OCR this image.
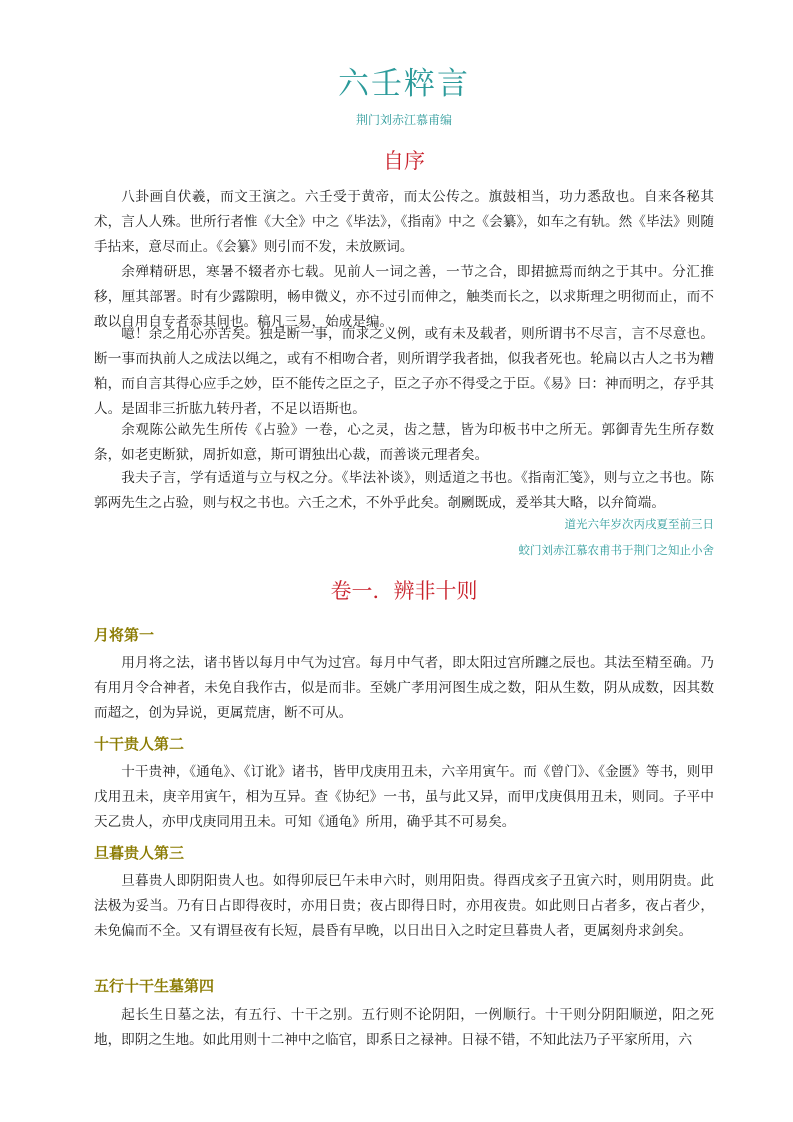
六壬粹言
荆门刘赤江慕甫编
自序

八卦画自伏羲，而文王演之。六壬受于黄帝，而太公传之。旗鼓相当，功力悉敌也。自来各秘其术，言人人殊。世所行者惟《大全》中之《毕法》，《指南》中之《会纂》，如车之有轨。然《毕法》则随手拈来，意尽而止。《会纂》则引而不发，未放厥词。

余殚精研思，寒暑不辍者亦七载。见前人一词之善，一节之合，即捃摭焉而纳之于其中。分汇推移，厘其部署。时有少露隙明，畅申微义，亦不过引而伸之，触类而长之，以求斯理之明彻而止，而不敢以自用自专者忝其间也。稿凡三易，始成是编。

噫！余之用心亦苦矣。独是断一事，而求之义例，或有未及载者，则所谓书不尽言，言不尽意也。断一事而执前人之成法以绳之，或有不相吻合者，则所谓学我者拙，似我者死也。轮扁以古人之书为糟粕，而自言其得心应手之妙，臣不能传之臣之子，臣之子亦不得受之于臣。《易》曰：神而明之，存乎其人。是固非三折肱九转丹者，不足以语斯也。

余观陈公畝先生所传《占验》一卷，心之灵，齿之慧，皆为印板书中之所无。郭御青先生所存数条，如老吏断狱，周折如意，斯可谓独出心裁，而善谈元理者矣。

我夫子言，学有适道与立与权之分。《毕法补谈》，则适道之书也。《指南汇笺》，则与立之书也。陈郭两先生之占验，则与权之书也。六壬之术，不外乎此矣。剞劂既成，爰举其大略，以弁简端。

道光六年岁次丙戌夏至前三日
蛟门刘赤江慕农甫书于荆门之知止小舍
卷一．辨非十则
月将第一

用月将之法，诸书皆以每月中气为过宫。每月中气者，即太阳过宫所躔之辰也。其法至精至确。乃有用月令合神者，未免自我作古，似是而非。至姚广孝用河图生成之数，阳从生数，阴从成数，因其数而超之，创为异说，更属荒唐，断不可从。

十干贵人第二

十干贵神，《通龟》、《订讹》诸书，皆甲戊庚用丑未，六辛用寅午。而《曾门》、《金匮》等书，则甲戊用丑未，庚辛用寅午，相为互异。查《协纪》一书，虽与此又异，而甲戊庚俱用丑未，则同。子平中天乙贵人，亦甲戊庚同用丑未。可知《通龟》所用，确乎其不可易矣。

旦暮贵人第三

旦暮贵人即阴阳贵人也。如得卯辰巳午未申六时，则用阳贵。得酉戌亥子丑寅六时，则用阴贵。此法极为妥当。乃有日占即得夜时，亦用日贵；夜占即得日时，亦用夜贵。如此则日占者多，夜占者少，未免偏而不全。又有谓昼夜有长短，晨昏有早晚，以日出日入之时定旦暮贵人者，更属刻舟求剑矣。

五行十干生墓第四

起长生日墓之法，有五行、十干之别。五行则不论阴阳，一例顺行。十干则分阴阳顺逆，阳之死地，即阴之生地。如此用则十二神中之临官，即系日之禄神。日禄不错，不知此法乃子平家所用，六
